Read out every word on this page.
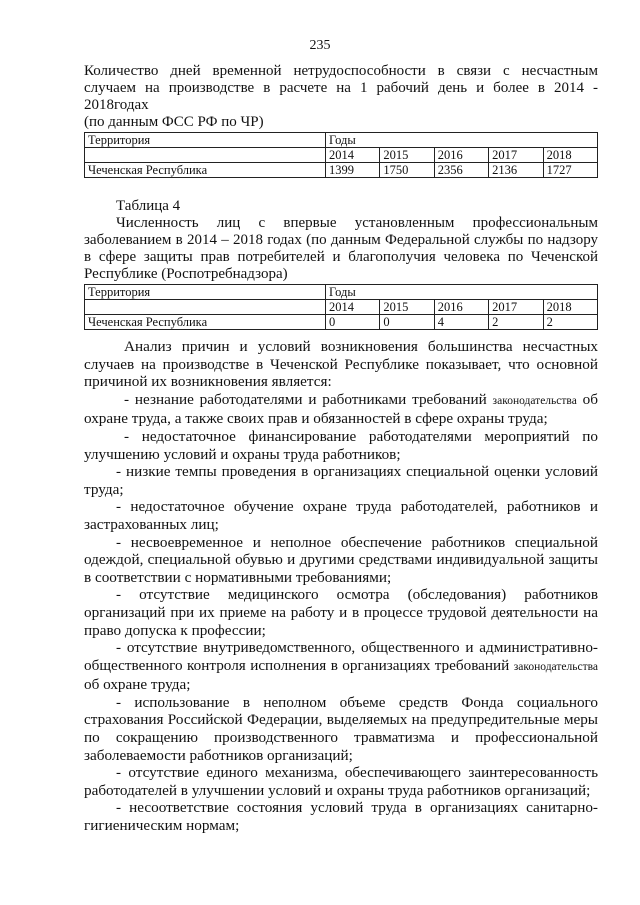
235
Количество дней временной нетрудоспособности в связи с несчастным
случаем на производстве в расчете на 1 рабочий день и более в 2014 -
2018годах
(по данным ФСС РФ по ЧР)
Территория	Годы				
	2014	2015	2016	2017	2018
Чеченская Республика	1399	1750	2356	2136	1727
Таблица 4
Численность лиц с впервые установленным профессиональным заболеванием в 2014 – 2018 годах (по данным Федеральной службы по надзору в сфере защиты прав потребителей и благополучия человека по Чеченской Республике (Роспотребнадзора)
Территория	Годы				
	2014	2015	2016	2017	2018
Чеченская Республика	0	0	4	2	2

Анализ причин и условий возникновения большинства несчастных случаев на производстве в Чеченской Республике показывает, что основной причиной их возникновения является:

- незнание работодателями и работниками требований законодательства об охране труда, а также своих прав и обязанностей в сфере охраны труда;

- недостаточное финансирование работодателями мероприятий по улучшению условий и охраны труда работников;

- низкие темпы проведения в организациях специальной оценки условий труда;

- недостаточное обучение охране труда работодателей, работников и застрахованных лиц;

- несвоевременное и неполное обеспечение работников специальной одеждой, специальной обувью и другими средствами индивидуальной защиты в соответствии с нормативными требованиями;

- отсутствие медицинского осмотра (обследования) работников организаций при их приеме на работу и в процессе трудовой деятельности на право допуска к профессии;

- отсутствие внутриведомственного, общественного и административно-общественного контроля исполнения в организациях требований законодательства об охране труда;

- использование в неполном объеме средств Фонда социального страхования Российской Федерации, выделяемых на предупредительные меры по сокращению производственного травматизма и профессиональной заболеваемости работников организаций;

- отсутствие единого механизма, обеспечивающего заинтересованность работодателей в улучшении условий и охраны труда работников организаций;

- несоответствие состояния условий труда в организациях санитарно-гигиеническим нормам;
